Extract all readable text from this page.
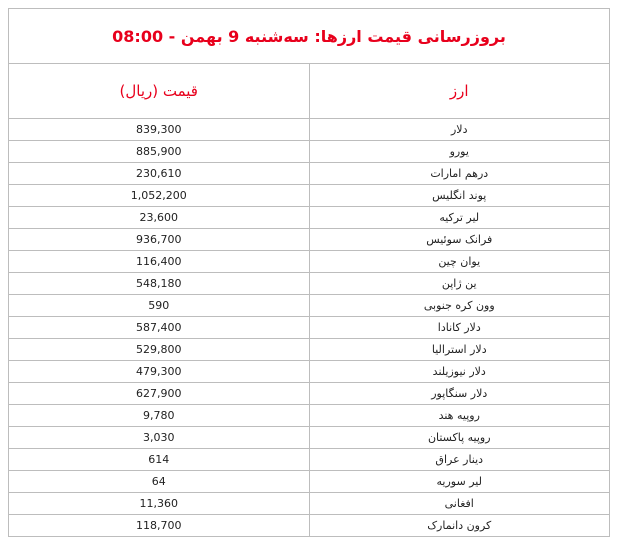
بروزرسانی قیمت ارزها: سه‌شنبه 9 بهمن - 08:00	
قیمت (ریال)	ارز
839,300	دلار
885,900	یورو
230,610	درهم امارات
1,052,200	پوند انگلیس
23,600	لیر ترکیه
936,700	فرانک سوئیس
116,400	یوان چین
548,180	ین ژاپن
590	وون کره جنوبی
587,400	دلار کانادا
529,800	دلار استرالیا
479,300	دلار نیوزیلند
627,900	دلار سنگاپور
9,780	روپیه هند
3,030	روپیه پاکستان
614	دینار عراق
64	لیر سوریه
11,360	افغانی
118,700	کرون دانمارک
